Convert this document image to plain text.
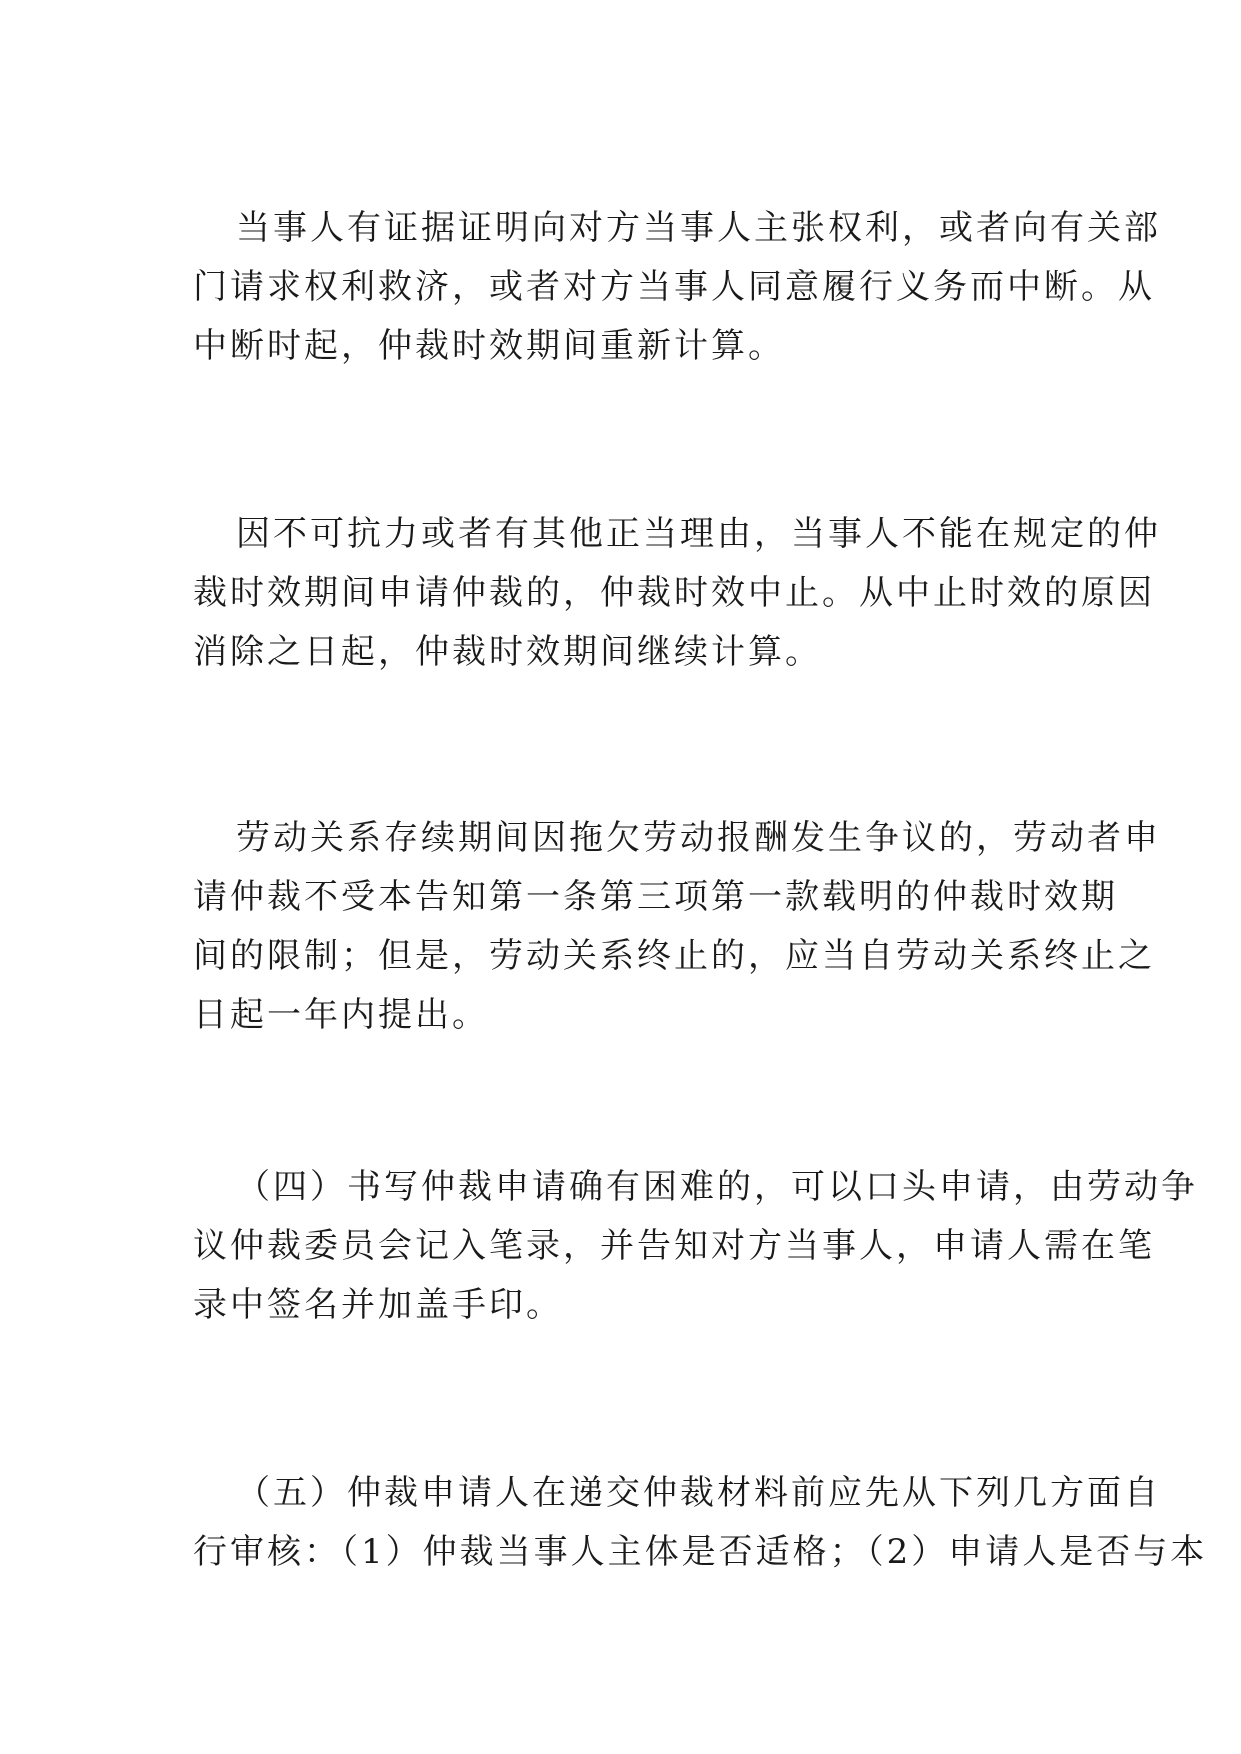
当事人有证据证明向对方当事人主张权利，或者向有关部
门请求权利救济，或者对方当事人同意履行义务而中断。从
中断时起，仲裁时效期间重新计算。
因不可抗力或者有其他正当理由，当事人不能在规定的仲
裁时效期间申请仲裁的，仲裁时效中止。从中止时效的原因
消除之日起，仲裁时效期间继续计算。
劳动关系存续期间因拖欠劳动报酬发生争议的，劳动者申
请仲裁不受本告知第一条第三项第一款载明的仲裁时效期
间的限制；但是，劳动关系终止的，应当自劳动关系终止之
日起一年内提出。
（四）书写仲裁申请确有困难的，可以口头申请，由劳动争
议仲裁委员会记入笔录，并告知对方当事人，申请人需在笔
录中签名并加盖手印。
（五）仲裁申请人在递交仲裁材料前应先从下列几方面自
行审核：（1）仲裁当事人主体是否适格；（2）申请人是否与本
